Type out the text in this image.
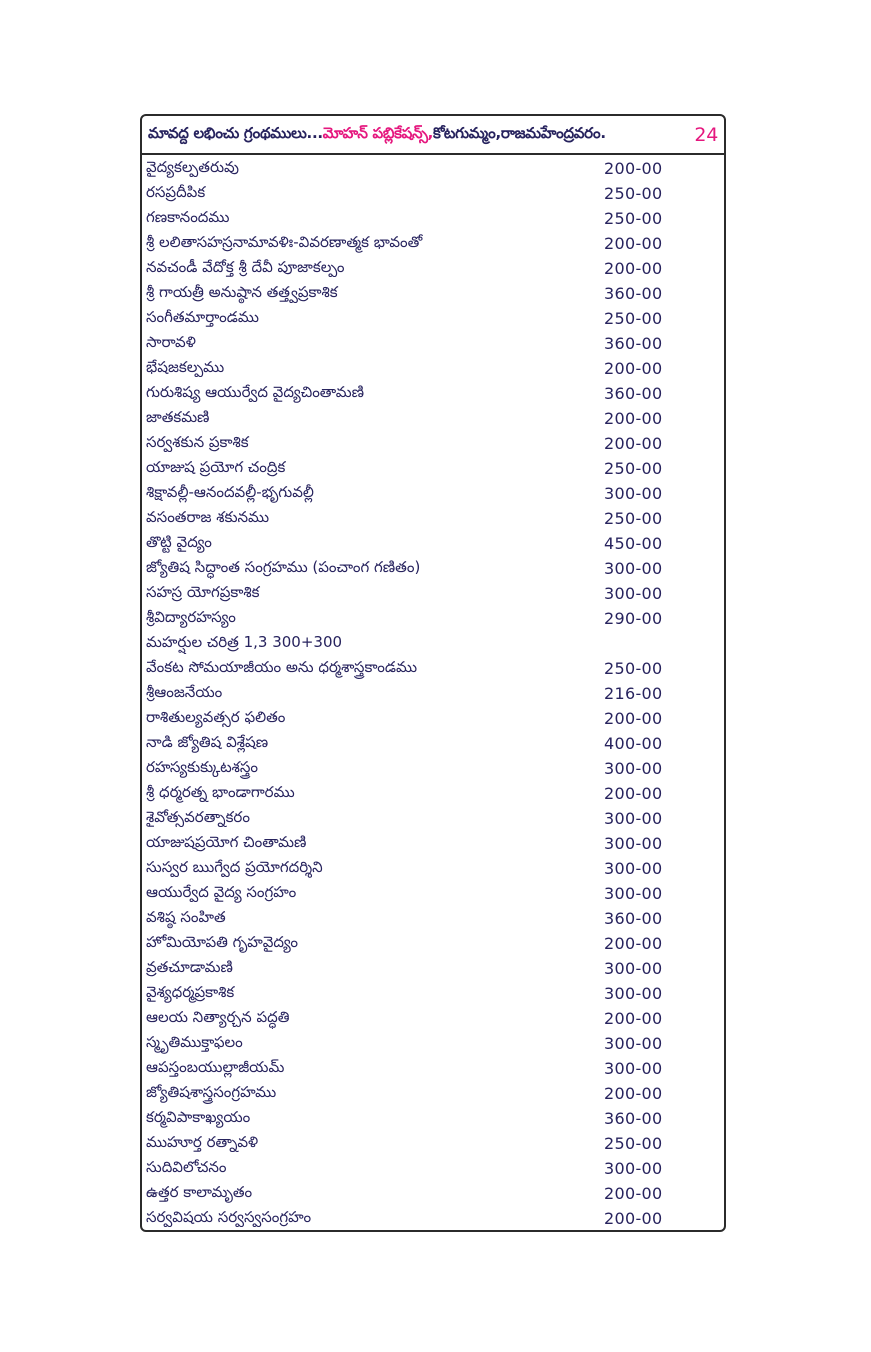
మావద్ద లభించు గ్రంథములు... మోహన్ పబ్లికేషన్స్, కోటగుమ్మం,రాజమహేంద్రవరం.	24
వైద్యకల్పతరువు	200-00
రసప్రదీపిక	250-00
గణకానందము	250-00
శ్రీ లలితాసహస్రనామావళిః-వివరణాత్మక భావంతో	200-00
నవచండీ వేదోక్త శ్రీ దేవీ పూజాకల్పం	200-00
శ్రీ గాయత్రీ అనుష్ఠాన తత్త్వప్రకాశిక	360-00
సంగీతమార్తాండము	250-00
సారావళి	360-00
భేషజకల్పము	200-00
గురుశిష్య ఆయుర్వేద వైద్యచింతామణి	360-00
జాతకమణి	200-00
సర్వశకున ప్రకాశిక	200-00
యాజుష ప్రయోగ చంద్రిక	250-00
శిక్షావల్లీ-ఆనందవల్లీ-భృగువల్లీ	300-00
వసంతరాజ శకునము	250-00
తొట్టి వైద్యం	450-00
జ్యోతిష సిద్ధాంత సంగ్రహము (పంచాంగ గణితం)	300-00
సహస్ర యోగప్రకాశిక	300-00
శ్రీవిద్యారహస్యం	290-00
మహర్షుల చరిత్ర 1,3 300+300
వేంకట సోమయాజీయం అను ధర్మశాస్త్రకాండము	250-00
శ్రీఆంజనేయం	216-00
రాశితుల్యవత్సర ఫలితం	200-00
నాడి జ్యోతిష విశ్లేషణ	400-00
రహస్యకుక్కుటశస్త్రం	300-00
శ్రీ ధర్మరత్న భాండాగారము	200-00
శైవోత్సవరత్నాకరం	300-00
యాజుషప్రయోగ చింతామణి	300-00
సుస్వర ఋగ్వేద ప్రయోగదర్శిని	300-00
ఆయుర్వేద వైద్య సంగ్రహం	300-00
వశిష్ఠ సంహిత	360-00
హోమియోపతి గృహవైద్యం	200-00
వ్రతచూడామణి	300-00
వైశ్యధర్మప్రకాశిక	300-00
ఆలయ నిత్యార్చన పద్ధతి	200-00
స్మృతిముక్తాఫలం	300-00
ఆపస్తంబయుల్లాజీయమ్	300-00
జ్యోతిషశాస్త్రసంగ్రహము	200-00
కర్మవిపాకాఖ్యయం	360-00
ముహూర్త రత్నావళి	250-00
సుదివిలోచనం	300-00
ఉత్తర కాలామృతం	200-00
సర్వవిషయ సర్వస్వసంగ్రహం	200-00
